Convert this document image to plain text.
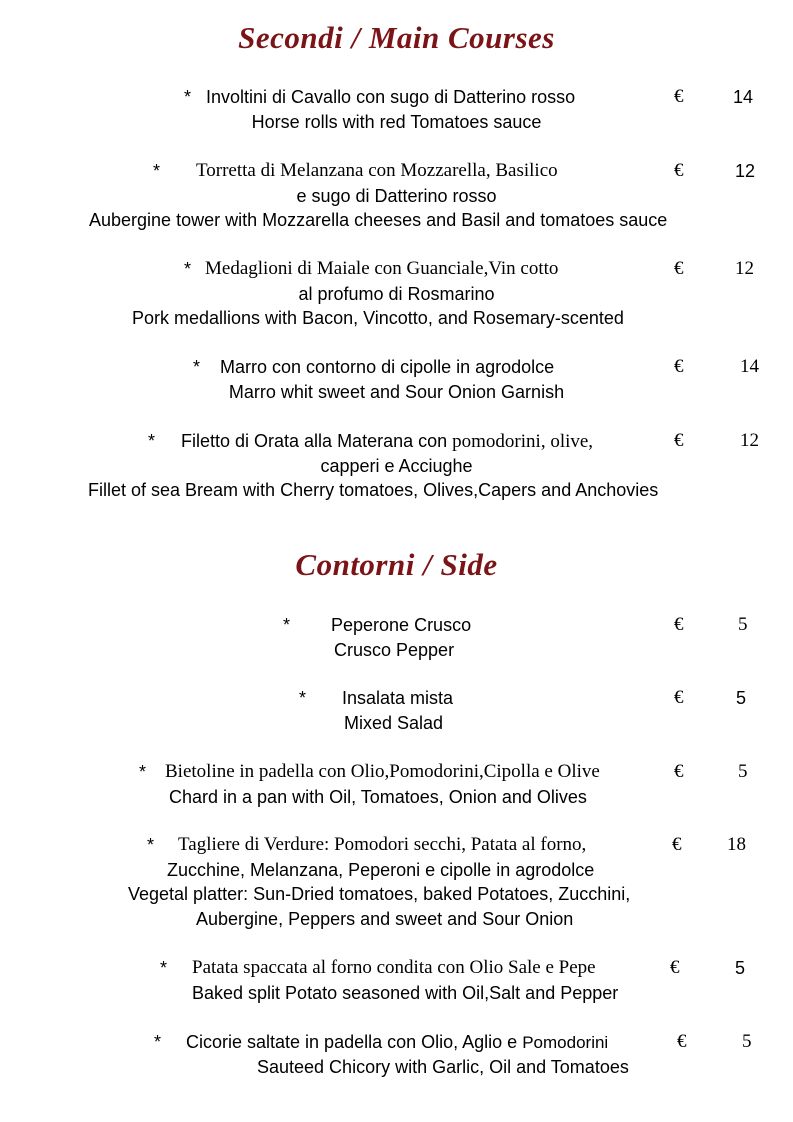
Secondi / Main Courses
* Involtini di Cavallo con sugo di Datterino rosso	€	14
Horse rolls with red Tomatoes sauce
* Torretta di Melanzana con Mozzarella, Basilico	€	12
e sugo di Datterino rosso
Aubergine tower with Mozzarella cheeses and Basil and tomatoes sauce
* Medaglioni di Maiale con Guanciale,Vin cotto	€	12
al profumo di Rosmarino
Pork medallions with Bacon, Vincotto, and Rosemary-scented
* Marro con contorno di cipolle in agrodolce	€	14
Marro whit sweet and Sour Onion Garnish
* Filetto di Orata alla Materana con pomodorini, olive,	€	12
capperi e Acciughe
Fillet of sea Bream with Cherry tomatoes, Olives,Capers and Anchovies
Contorni / Side
* Peperone Crusco	€	5
Crusco Pepper
* Insalata mista	€	5
Mixed Salad
* Bietoline in padella con Olio,Pomodorini,Cipolla e Olive	€	5
Chard in a pan with Oil, Tomatoes, Onion and Olives
* Tagliere di Verdure: Pomodori secchi, Patata al forno,	€ 18
Zucchine, Melanzana, Peperoni e cipolle in agrodolce
Vegetal platter: Sun-Dried tomatoes, baked Potatoes, Zucchini,
Aubergine, Peppers and sweet and Sour Onion
* Patata spaccata al forno condita con Olio Sale e Pepe	€	5
Baked split Potato seasoned with Oil,Salt and Pepper
* Cicorie saltate in padella con Olio, Aglio e Pomodorini	€	5
Sauteed Chicory with Garlic, Oil and Tomatoes
